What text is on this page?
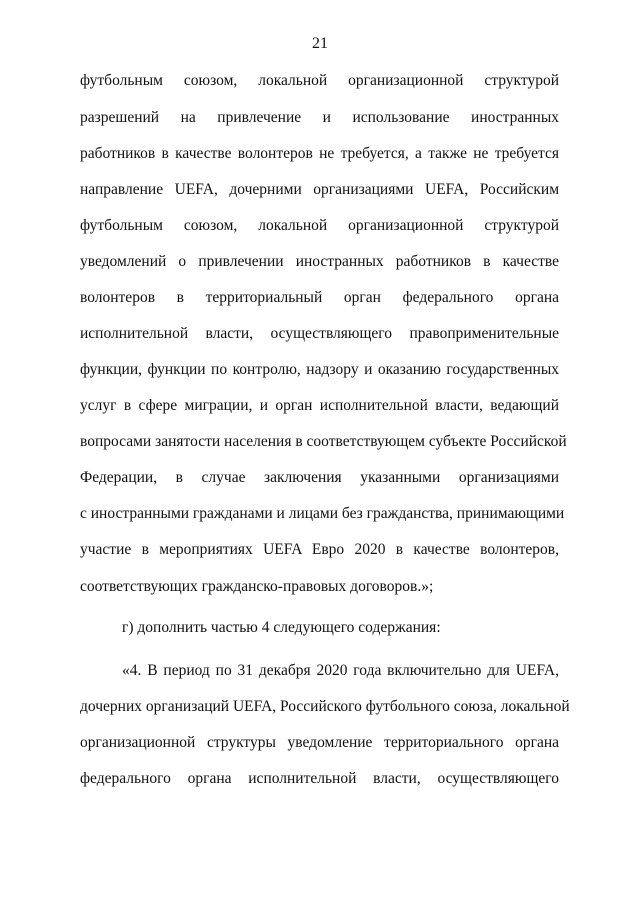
21
футбольным союзом, локальной организационной структурой
разрешений на привлечение и использование иностранных
работников в качестве волонтеров не требуется, а также не требуется
направление UEFA, дочерними организациями UEFA, Российским
футбольным союзом, локальной организационной структурой
уведомлений о привлечении иностранных работников в качестве
волонтеров в территориальный орган федерального органа
исполнительной власти, осуществляющего правоприменительные
функции, функции по контролю, надзору и оказанию государственных
услуг в сфере миграции, и орган исполнительной власти, ведающий
вопросами занятости населения в соответствующем субъекте Российской
Федерации, в случае заключения указанными организациями
с иностранными гражданами и лицами без гражданства, принимающими
участие в мероприятиях UEFA Евро 2020 в качестве волонтеров,
соответствующих гражданско-правовых договоров.»;
г) дополнить частью 4 следующего содержания:
«4. В период по 31 декабря 2020 года включительно для UEFA,
дочерних организаций UEFA, Российского футбольного союза, локальной
организационной структуры уведомление территориального органа
федерального органа исполнительной власти, осуществляющего
